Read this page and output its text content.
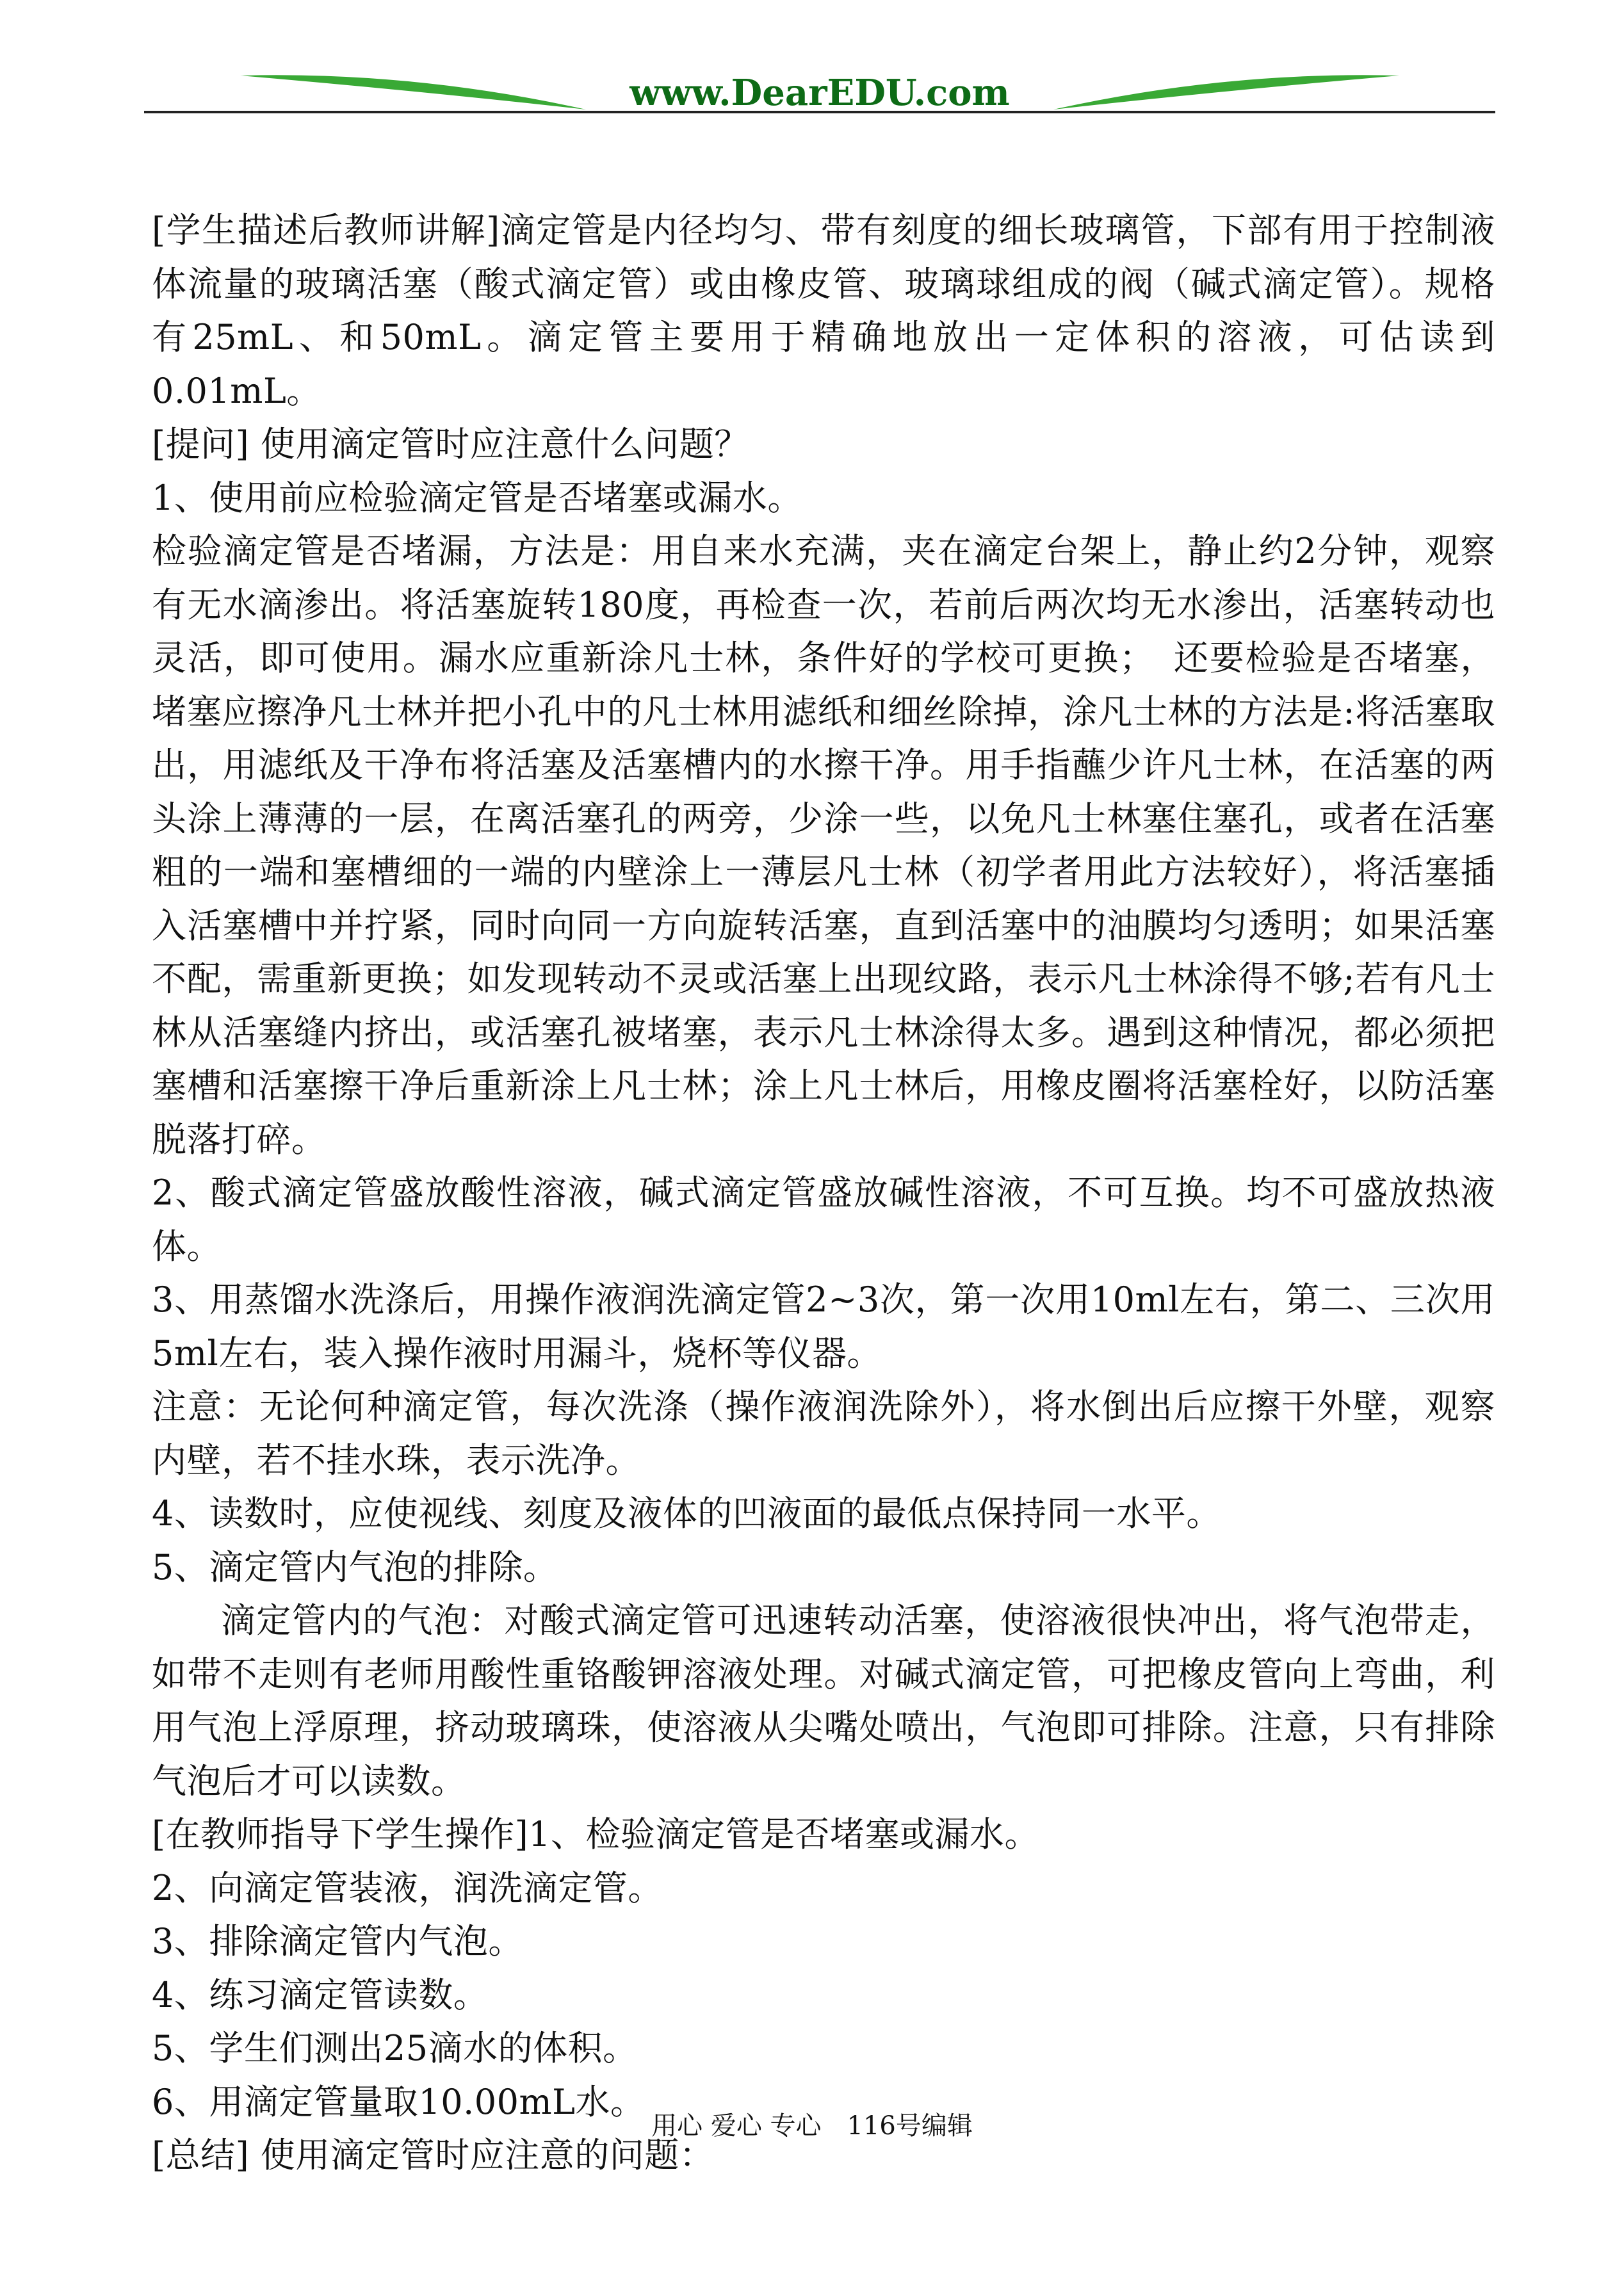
www.DearEDU.com

[学生描述后教师讲解]滴定管是内径均匀、带有刻度的细长玻璃管，下部有用于控制液体流量的玻璃活塞（酸式滴定管）或由橡皮管、玻璃球组成的阀（碱式滴定管）。规格有25mL、和50mL。滴定管主要用于精确地放出一定体积的溶液，可估读到0.01mL。

[提问] 使用滴定管时应注意什么问题？

1、使用前应检验滴定管是否堵塞或漏水。

检验滴定管是否堵漏，方法是：用自来水充满，夹在滴定台架上，静止约2分钟，观察有无水滴渗出。将活塞旋转180度，再检查一次，若前后两次均无水渗出，活塞转动也灵活，即可使用。漏水应重新涂凡士林，条件好的学校可更换；　还要检验是否堵塞，堵塞应擦净凡士林并把小孔中的凡士林用滤纸和细丝除掉，涂凡士林的方法是:将活塞取出，用滤纸及干净布将活塞及活塞槽内的水擦干净。用手指蘸少许凡士林，在活塞的两头涂上薄薄的一层，在离活塞孔的两旁，少涂一些，以免凡士林塞住塞孔，或者在活塞粗的一端和塞槽细的一端的内壁涂上一薄层凡士林（初学者用此方法较好），将活塞插入活塞槽中并拧紧，同时向同一方向旋转活塞，直到活塞中的油膜均匀透明；如果活塞不配，需重新更换；如发现转动不灵或活塞上出现纹路，表示凡士林涂得不够;若有凡士林从活塞缝内挤出，或活塞孔被堵塞，表示凡士林涂得太多。遇到这种情况，都必须把塞槽和活塞擦干净后重新涂上凡士林；涂上凡士林后，用橡皮圈将活塞栓好，以防活塞脱落打碎。

2、酸式滴定管盛放酸性溶液，碱式滴定管盛放碱性溶液，不可互换。均不可盛放热液体。

3、用蒸馏水洗涤后，用操作液润洗滴定管2~3次，第一次用10ml左右，第二、三次用5ml左右，装入操作液时用漏斗，烧杯等仪器。

注意：无论何种滴定管，每次洗涤（操作液润洗除外），将水倒出后应擦干外壁，观察内壁，若不挂水珠，表示洗净。

4、读数时，应使视线、刻度及液体的凹液面的最低点保持同一水平。

5、滴定管内气泡的排除。

滴定管内的气泡：对酸式滴定管可迅速转动活塞，使溶液很快冲出，将气泡带走，如带不走则有老师用酸性重铬酸钾溶液处理。对碱式滴定管，可把橡皮管向上弯曲，利用气泡上浮原理，挤动玻璃珠，使溶液从尖嘴处喷出，气泡即可排除。注意，只有排除气泡后才可以读数。

[在教师指导下学生操作]1、检验滴定管是否堵塞或漏水。

2、向滴定管装液，润洗滴定管。

3、排除滴定管内气泡。

4、练习滴定管读数。

5、学生们测出25滴水的体积。

6、用滴定管量取10.00mL水。

[总结] 使用滴定管时应注意的问题：

用心 爱心 专心　116号编辑
